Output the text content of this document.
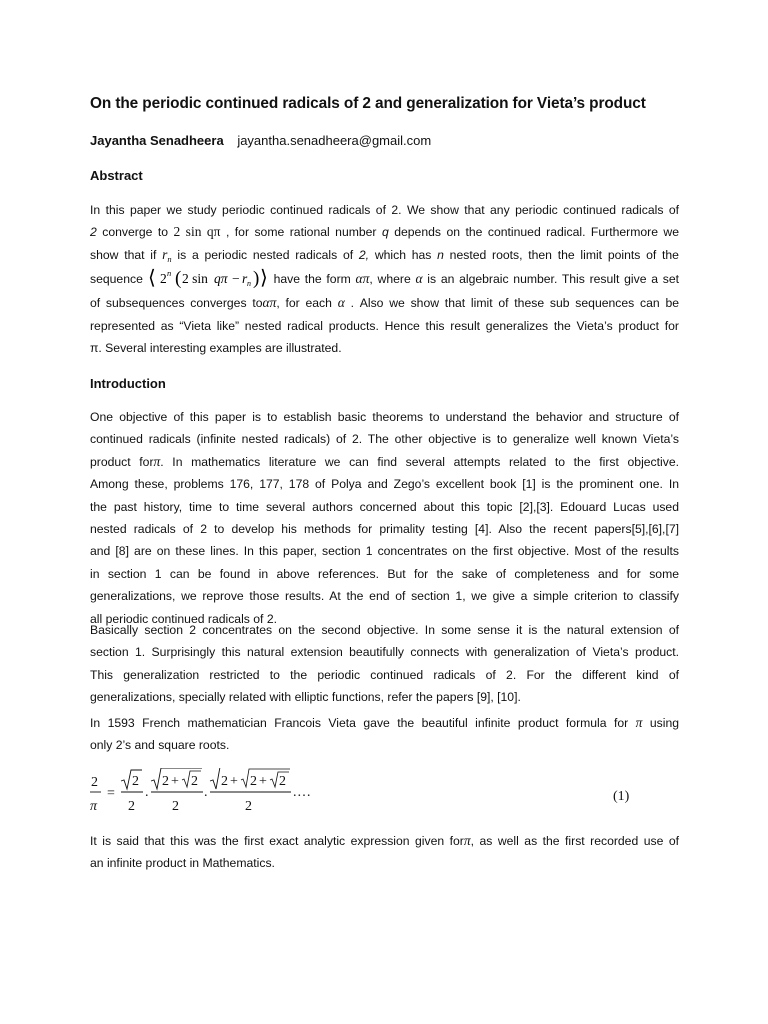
On the periodic continued radicals of 2 and generalization for Vieta’s product
Jayantha Senadheera jayantha.senadheera@gmail.com
Abstract
In this paper we study periodic continued radicals of 2. We show that any periodic continued radicals of
2 converge to 2 sin qπ , for some rational number q depends on the continued radical. Furthermore we
show that if $r_n$ is a periodic nested radicals of 2, which has n nested roots, then the limit points of the
sequence ⟨ 2 n ( 2 sin qπ − r n ) ⟩ have the form απ, where α is an algebraic number. This result give a set
of subsequences converges toαπ, for each α . Also we show that limit of these sub sequences can be
represented as “Vieta like” nested radical products. Hence this result generalizes the Vieta’s product for
π. Several interesting examples are illustrated.
Introduction
One objective of this paper is to establish basic theorems to understand the behavior and structure of
continued radicals (infinite nested radicals) of 2. The other objective is to generalize well known Vieta’s
product forπ. In mathematics literature we can find several attempts related to the first objective.
Among these, problems 176, 177, 178 of Polya and Zego’s excellent book [1] is the prominent one. In
the past history, time to time several authors concerned about this topic [2],[3]. Edouard Lucas used
nested radicals of 2 to develop his methods for primality testing [4]. Also the recent papers[5],[6],[7]
and [8] are on these lines. In this paper, section 1 concentrates on the first objective. Most of the results
in section 1 can be found in above references. But for the sake of completeness and for some
generalizations, we reprove those results. At the end of section 1, we give a simple criterion to classify
all periodic continued radicals of 2.
Basically section 2 concentrates on the second objective. In some sense it is the natural extension of
section 1. Surprisingly this natural extension beautifully connects with generalization of Vieta’s product.
This generalization restricted to the periodic continued radicals of 2. For the different kind of
generalizations, specially related with elliptic functions, refer the papers [9], [10].
In 1593 French mathematician Francois Vieta gave the beautiful infinite product formula for π using
only 2’s and square roots.
2
π
=
2
2
.
2 + 2
2
.
2 + 2 + 2
2
. …	(1)
It is said that this was the first exact analytic expression given forπ, as well as the first recorded use of
an infinite product in Mathematics.
